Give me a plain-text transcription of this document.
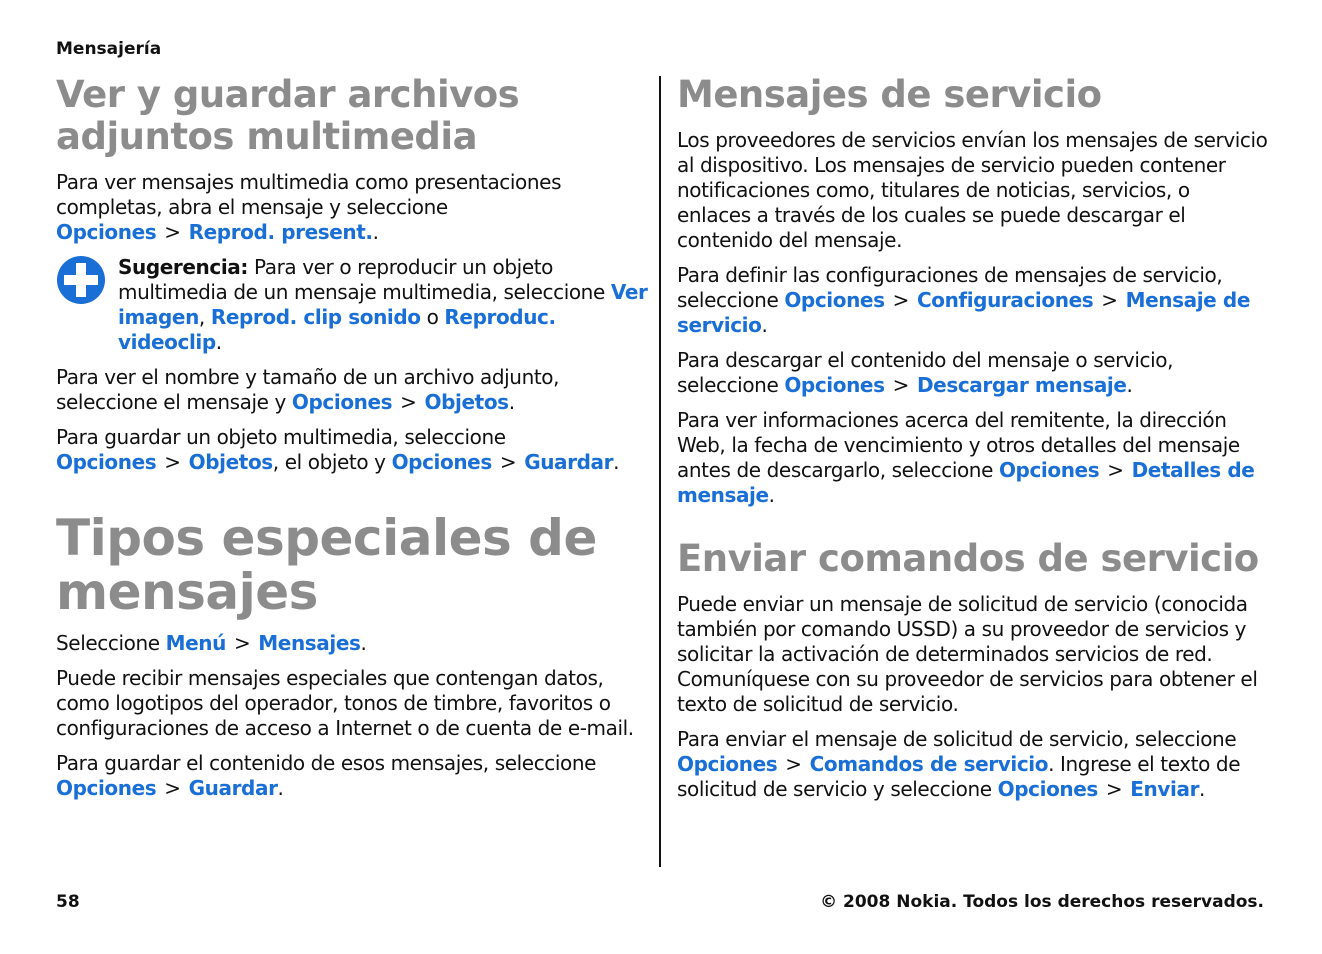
Mensajería
Ver y guardar archivos adjuntos multimedia
Para ver mensajes multimedia como presentaciones completas, abra el mensaje y seleccione Opciones > Reprod. present..
Sugerencia: Para ver o reproducir un objeto multimedia de un mensaje multimedia, seleccione Ver imagen, Reprod. clip sonido o Reproduc. videoclip.
Para ver el nombre y tamaño de un archivo adjunto, seleccione el mensaje y Opciones > Objetos.
Para guardar un objeto multimedia, seleccione Opciones > Objetos, el objeto y Opciones > Guardar.
Tipos especiales de mensajes
Seleccione Menú > Mensajes.
Puede recibir mensajes especiales que contengan datos, como logotipos del operador, tonos de timbre, favoritos o configuraciones de acceso a Internet o de cuenta de e-mail.
Para guardar el contenido de esos mensajes, seleccione Opciones > Guardar.
Mensajes de servicio
Los proveedores de servicios envían los mensajes de servicio al dispositivo. Los mensajes de servicio pueden contener notificaciones como, titulares de noticias, servicios, o enlaces a través de los cuales se puede descargar el contenido del mensaje.
Para definir las configuraciones de mensajes de servicio, seleccione Opciones > Configuraciones > Mensaje de servicio.
Para descargar el contenido del mensaje o servicio, seleccione Opciones > Descargar mensaje.
Para ver informaciones acerca del remitente, la dirección Web, la fecha de vencimiento y otros detalles del mensaje antes de descargarlo, seleccione Opciones > Detalles de mensaje.
Enviar comandos de servicio
Puede enviar un mensaje de solicitud de servicio (conocida también por comando USSD) a su proveedor de servicios y solicitar la activación de determinados servicios de red. Comuníquese con su proveedor de servicios para obtener el texto de solicitud de servicio.
Para enviar el mensaje de solicitud de servicio, seleccione Opciones > Comandos de servicio. Ingrese el texto de solicitud de servicio y seleccione Opciones > Enviar.
58	© 2008 Nokia. Todos los derechos reservados.
